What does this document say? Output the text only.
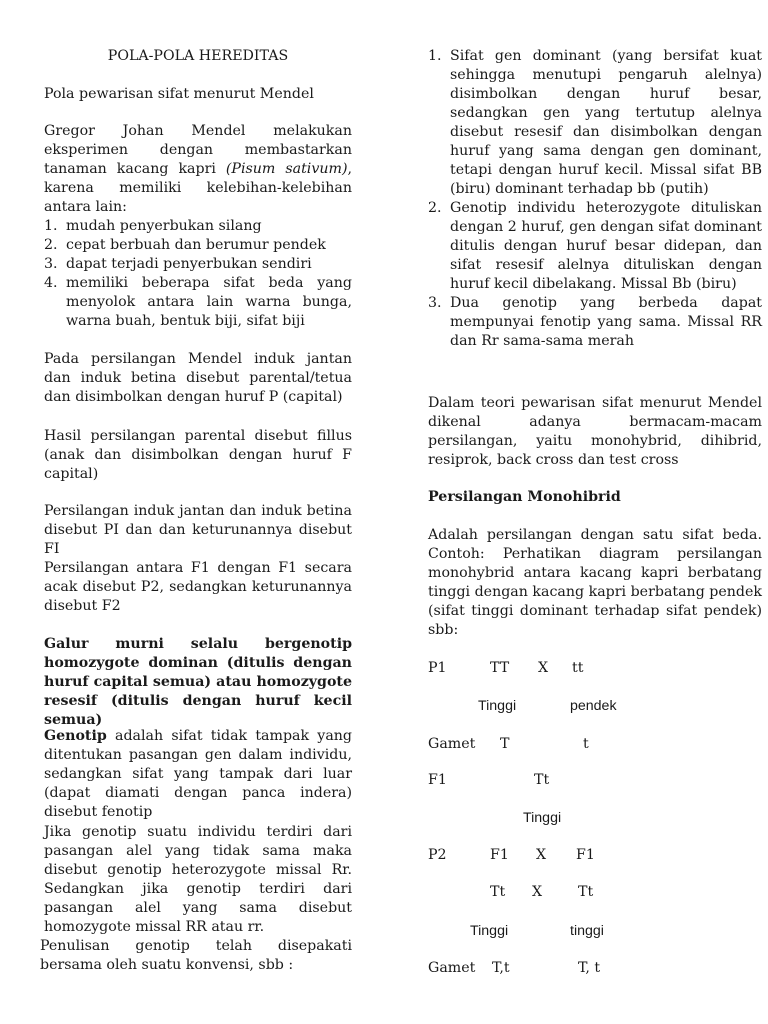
POLA-POLA HEREDITAS

Pola pewarisan sifat menurut Mendel

Gregor Johan Mendel melakukan eksperimen dengan membastarkan tanaman kacang kapri (Pisum sativum), karena memiliki kelebihan-kelebihan antara lain:

1. mudah penyerbukan silang
2. cepat berbuah dan berumur pendek
3. dapat terjadi penyerbukan sendiri
4. memiliki beberapa sifat beda yang menyolok antara lain warna bunga, warna buah, bentuk biji, sifat biji

Pada persilangan Mendel induk jantan dan induk betina disebut parental/tetua dan disimbolkan dengan huruf P (capital)

Hasil persilangan parental disebut fillus (anak dan disimbolkan dengan huruf F capital)

Persilangan induk jantan dan induk betina disebut PI dan dan keturunannya disebut FI

Persilangan antara F1 dengan F1 secara acak disebut P2, sedangkan keturunannya disebut F2

Galur murni selalu bergenotip homozygote dominan (ditulis dengan huruf capital semua) atau homozygote resesif (ditulis dengan huruf kecil semua)

Genotip adalah sifat tidak tampak yang ditentukan pasangan gen dalam individu, sedangkan sifat yang tampak dari luar (dapat diamati dengan panca indera) disebut fenotip

Jika genotip suatu individu terdiri dari pasangan alel yang tidak sama maka disebut genotip heterozygote missal Rr. Sedangkan jika genotip terdiri dari pasangan alel yang sama disebut homozygote missal RR atau rr.

Penulisan genotip telah disepakati bersama oleh suatu konvensi, sbb :

1. Sifat gen dominant (yang bersifat kuat sehingga menutupi pengaruh alelnya) disimbolkan dengan huruf besar, sedangkan gen yang tertutup alelnya disebut resesif dan disimbolkan dengan huruf yang sama dengan gen dominant, tetapi dengan huruf kecil. Missal sifat BB (biru) dominant terhadap bb (putih)
2. Genotip individu heterozygote dituliskan dengan 2 huruf, gen dengan sifat dominant ditulis dengan huruf besar didepan, dan sifat resesif alelnya dituliskan dengan huruf kecil dibelakang. Missal Bb (biru)
3. Dua genotip yang berbeda dapat mempunyai fenotip yang sama. Missal RR dan Rr sama-sama merah

Dalam teori pewarisan sifat menurut Mendel dikenal adanya bermacam-macam persilangan, yaitu monohybrid, dihibrid, resiprok, back cross dan test cross

Persilangan Monohibrid

Adalah persilangan dengan satu sifat beda. Contoh: Perhatikan diagram persilangan monohybrid antara kacang kapri berbatang tinggi dengan kacang kapri berbatang pendek (sifat tinggi dominant terhadap sifat pendek) sbb:

P1	TT X tt
Tinggi	pendek
Gamet T	t
F1	Tt
Tinggi
P2	F1 X F1
Tt X	Tt
Tinggi	tinggi
Gamet T,t	T, t
